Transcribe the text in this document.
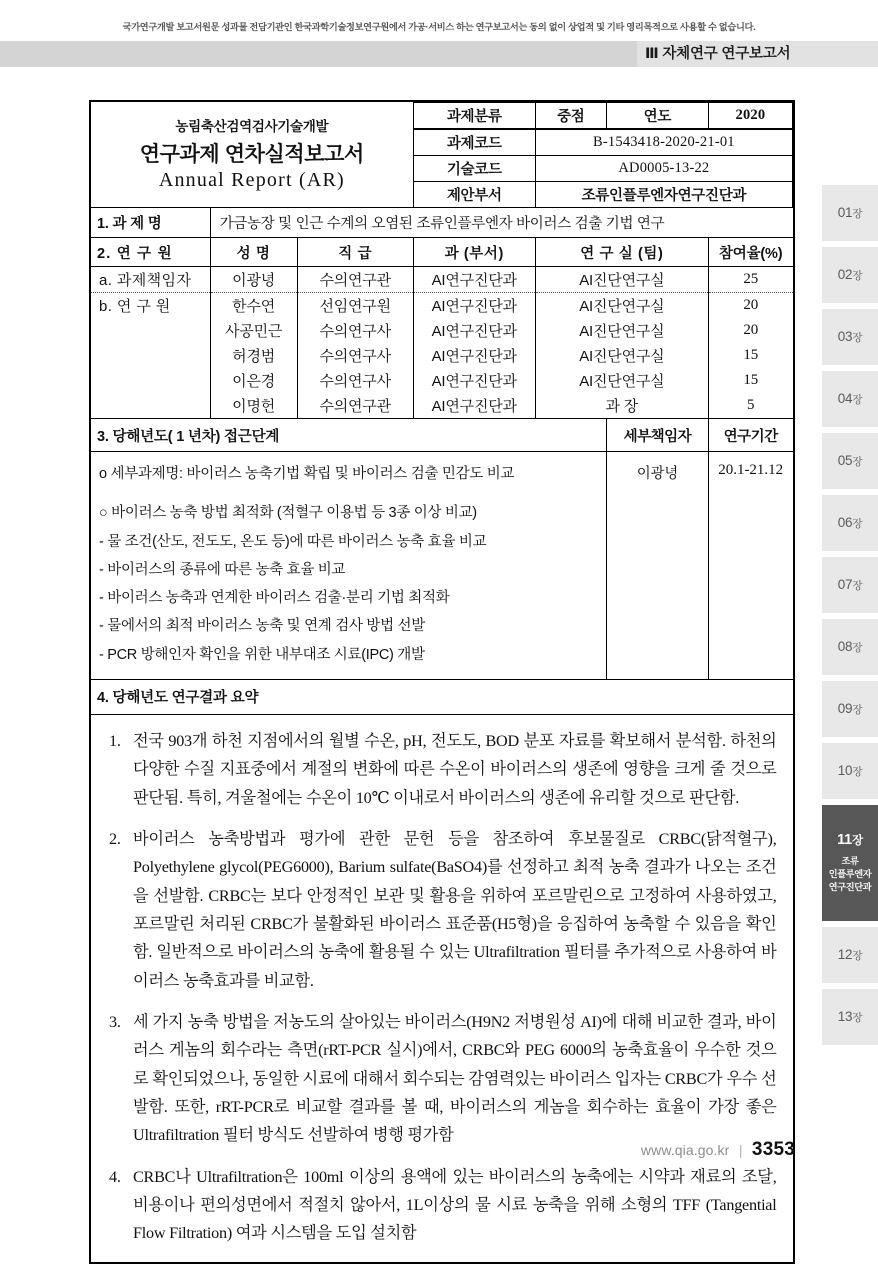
국가연구개발 보고서원문 성과물 전담기관인 한국과학기술정보연구원에서 가공·서비스 하는 연구보고서는 동의 없이 상업적 및 기타 영리목적으로 사용할 수 없습니다.
Ⅲ 자체연구 연구보고서
농림축산검역검사기술개발
연구과제 연차실적보고서
Annual Report (AR)			과제분류	중점	연도	2020
			과제코드	B-1543418-2020-21-01		
			기술코드	AD0005-13-22		
			제안부서	조류인플루엔자연구진단과		
1. 과 제 명	가금농장 및 인근 수계의 오염된 조류인플루엔자 바이러스 검출 기법 연구					
2. 연 구 원	성 명	직 급	과 (부서)	연 구 실 (팀)		참여율(%)
a. 과제책임자	이광녕	수의연구관	AI연구진단과	AI진단연구실		25
b. 연 구 원	한수연	선임연구원	AI연구진단과	AI진단연구실		20
	사공민근	수의연구사	AI연구진단과	AI진단연구실		20
	허경범	수의연구사	AI연구진단과	AI진단연구실		15
	이은경	수의연구사	AI연구진단과	AI진단연구실		15
	이명헌	수의연구관	AI연구진단과	과 장		5
3. 당해년도( 1 년차) 접근단계					세부책임자	연구기간

o 세부과제명: 바이러스 농축기법 확립 및 바이러스 검출 민감도 비교
○ 바이러스 농축 방법 최적화 (적혈구 이용법 등 3종 이상 비교)
- 물 조건(산도, 전도도, 온도 등)에 따른 바이러스 농축 효율 비교
- 바이러스의 종류에 따른 농축 효율 비교
- 바이러스 농축과 연계한 바이러스 검출·분리 기법 최적화
- 물에서의 최적 바이러스 농축 및 연계 검사 방법 선발
- PCR 방해인자 확인을 위한 내부대조 시료(IPC) 개발
	이광녕	20.1-21.12
4. 당해년도 연구결과 요약						

1. 전국 903개 하천 지점에서의 월별 수온, pH, 전도도, BOD 분포 자료를 확보해서 분석함. 하천의 다양한 수질 지표중에서 계절의 변화에 따른 수온이 바이러스의 생존에 영향을 크게 줄 것으로 판단됨. 특히, 겨울철에는 수온이 10℃ 이내로서 바이러스의 생존에 유리할 것으로 판단함.
2. 바이러스 농축방법과 평가에 관한 문헌 등을 참조하여 후보물질로 CRBC(닭적혈구), Polyethylene glycol(PEG6000), Barium sulfate(BaSO4)를 선정하고 최적 농축 결과가 나오는 조건을 선발함. CRBC는 보다 안정적인 보관 및 활용을 위하여 포르말린으로 고정하여 사용하였고, 포르말린 처리된 CRBC가 불활화된 바이러스 표준품(H5형)을 응집하여 농축할 수 있음을 확인함. 일반적으로 바이러스의 농축에 활용될 수 있는 Ultrafiltration 필터를 추가적으로 사용하여 바이러스 농축효과를 비교함.
3. 세 가지 농축 방법을 저농도의 살아있는 바이러스(H9N2 저병원성 AI)에 대해 비교한 결과, 바이러스 게놈의 회수라는 측면(rRT-PCR 실시)에서, CRBC와 PEG 6000의 농축효율이 우수한 것으로 확인되었으나, 동일한 시료에 대해서 회수되는 감염력있는 바이러스 입자는 CRBC가 우수 선발함. 또한, rRT-PCR로 비교할 결과를 볼 때, 바이러스의 게놈을 회수하는 효율이 가장 좋은 Ultrafiltration 필터 방식도 선발하여 병행 평가함
4. CRBC나 Ultrafiltration은 100ml 이상의 용액에 있는 바이러스의 농축에는 시약과 재료의 조달, 비용이나 편의성면에서 적절치 않아서, 1L이상의 물 시료 농축을 위해 소형의 TFF (Tangential Flow Filtration) 여과 시스템을 도입 설치함
01장
02장
03장
04장
05장
06장
07장
08장
09장
10장
11장
조류
인플루엔자
연구진단과
12장
13장
www.qia.go.kr | 3353
